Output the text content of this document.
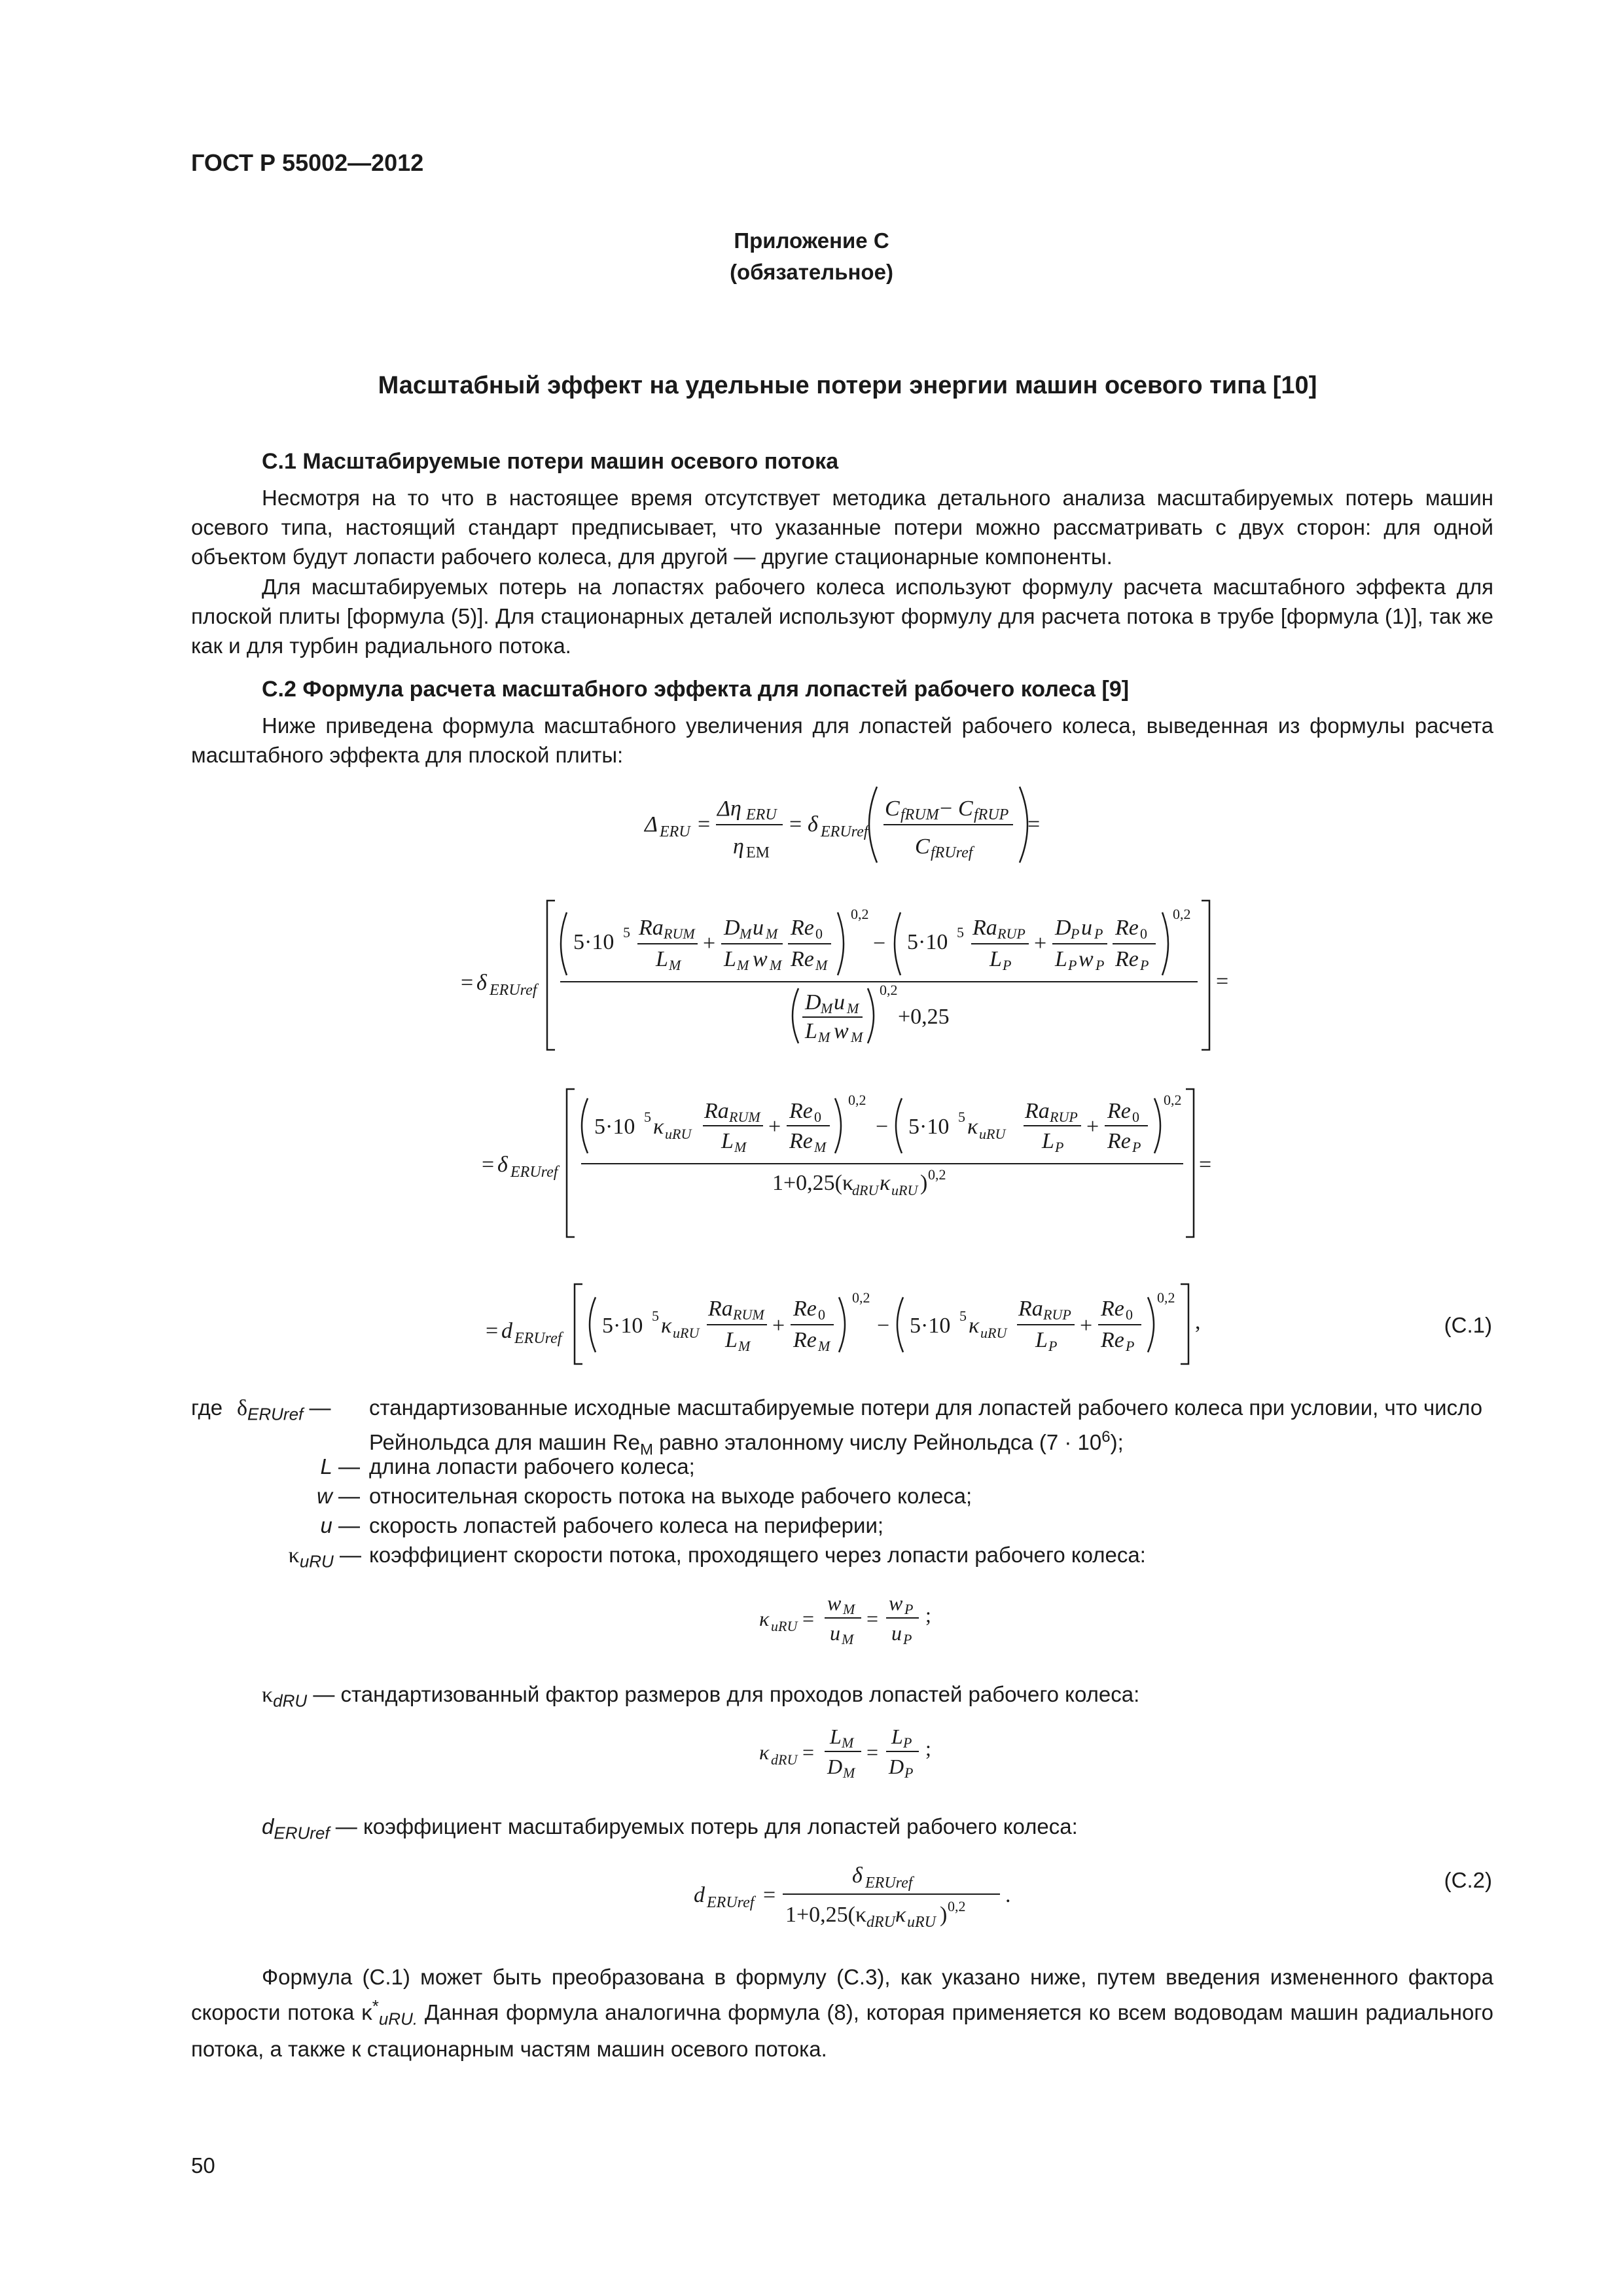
ГОСТ Р 55002—2012
Приложение С
(обязательное)
Масштабный эффект на удельные потери энергии машин осевого типа [10]
С.1 Масштабируемые потери машин осевого потока
Несмотря на то что в настоящее время отсутствует методика детального анализа масштабируемых потерь машин осевого типа, настоящий стандарт предписывает, что указанные потери можно рассматривать с двух сторон: для одной объектом будут лопасти рабочего колеса, для другой — другие стационарные компоненты.
Для масштабируемых потерь на лопастях рабочего колеса используют формулу расчета масштабного эффекта для плоской плиты [формула (5)]. Для стационарных деталей используют формулу для расчета потока в трубе [формула (1)], так же как и для турбин радиального потока.
С.2 Формула расчета масштабного эффекта для лопастей рабочего колеса [9]
Ниже приведена формула масштабного увеличения для лопастей рабочего колеса, выведенная из формулы расчета масштабного эффекта для плоской плиты:
Δ ERU =
Δη ERU
η EM
= δ ERUref
C fRUM − C fRUP
C fRUref
=
= δ ERUref
5·10 5 Ra RUM
L M
+
D M u M
L M w M
Re 0
Re M
0,2
− 5·10 5 Ra RUP
L P
+
D P u P
L P w P
Re 0
Re P
0,2
D M u M
L M w M
0,2
+0,25
=
= δ ERUref
5·10 5 κ uRU
Ra RUM
L M
+
Re 0
Re M
0,2
− 5·10 5 κ uRU
Ra RUP
L P
+
Re 0
Re P
0,2
1+0,25(κ
dRU κ uRU ) 0,2	=
= d ERUref
5·10 5 κ uRU
Ra RUM
L M
+
Re 0
Re M
0,2
− 5·10 5 κ uRU
Ra RUP
L P
+
Re 0
Re P
0,2
,	(С.1)
где $\delta_{ERUref}$ —	стандартизованные исходные масштабируемые потери для лопастей рабочего колеса при условии, что число Рейнольдса для машин $Re_M$ равно эталонному числу Рейнольдса $(7 \cdot 10^6)$;
L — длина лопасти рабочего колеса;
w — относительная скорость потока на выходе рабочего колеса;
u — скорость лопастей рабочего колеса на периферии;
$\kappa_{uRU}$ — коэффициент скорости потока, проходящего через лопасти рабочего колеса:
κ uRU =
w M
u M
=
w P
u P
;
$\kappa_{dRU}$ — стандартизованный фактор размеров для проходов лопастей рабочего колеса:
κ dRU =
L M
D M
=
L P
D P
;
$d_{ERUref}$ — коэффициент масштабируемых потерь для лопастей рабочего колеса:
d ERUref =
δ ERUref
1+0,25(κ dRU κ uRU ) 0,2 .
(С.2)
Формула (С.1) может быть преобразована в формулу (С.3), как указано ниже, путем введения измененного фактора скорости потока $\kappa^*_{uRU.}$ Данная формула аналогична формула (8), которая применяется ко всем водоводам машин радиального потока, а также к стационарным частям машин осевого потока.
50
